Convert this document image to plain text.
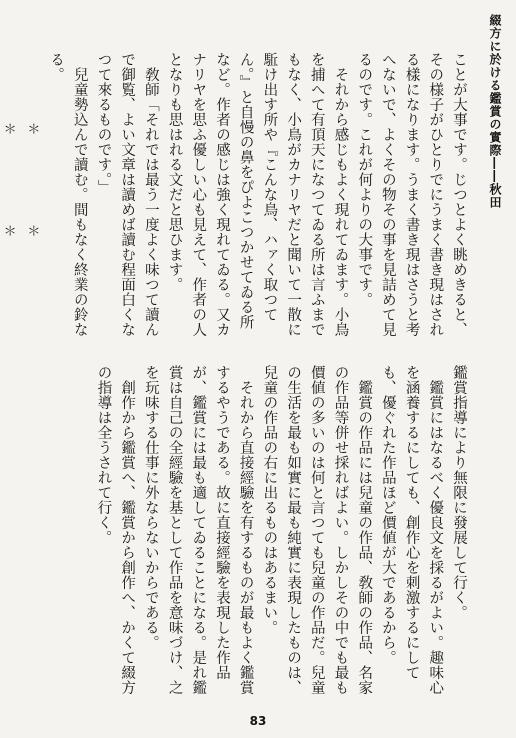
綴方に於ける鑑賞の實際――秋田

ことが大事です。じつとよく眺めきると、その様子がひとりでにうまく書き現はされる樣になります。うまく書き現はさうと考へないで、よくその物その事を見詰めて見るのです。これが何よりの大事です。

それから感じもよく現れてゐます。小鳥を捕へて有頂天になつてゐる所は言ふまでもなく、小鳥がカナリヤだと聞いて一散に駈け出す所や『こんな鳥、ハァく取つてん。』と自慢の鼻をぴよこつかせてゐる所など。作者の感じは強く現れてゐる。又カナリヤを思ふ優しい心も見えて、作者の人となりも思はれる文だと思ひます。

敎師「それでは最う一度よく味つて讀んで御覧、よい文章は讀めば讀む程面白くなつて來るものです。」

兒童勢込んで讀む。間もなく終業の鈴なる。

＊　＊　＊　＊

鑑賞指導により無限に發展して行く。

鑑賞にはなるべく優良文を採るがよい。趣味心を涵養するにしても、創作心を刺激するにしても、優ぐれた作品ほど價値が大であるから。

鑑賞の作品には兒童の作品、敎師の作品、名家の作品等併せ採ればよい。しかしその中でも最も價値の多いのは何と言つても兒童の作品だ。兒童の生活を最も如實に最も純實に表現したものは、兒童の作品の右に出るものはあるまい。

それから直接經驗を有するものが最もよく鑑賞するやうである。故に直接經驗を表現した作品が、鑑賞には最も適してゐることになる。是れ鑑賞は自己の全經驗を基として作品を意味づけ、之を玩味する仕事に外ならないからである。

創作から鑑賞へ、鑑賞から創作へ、かくて綴方の指導は全うされて行く。

83
